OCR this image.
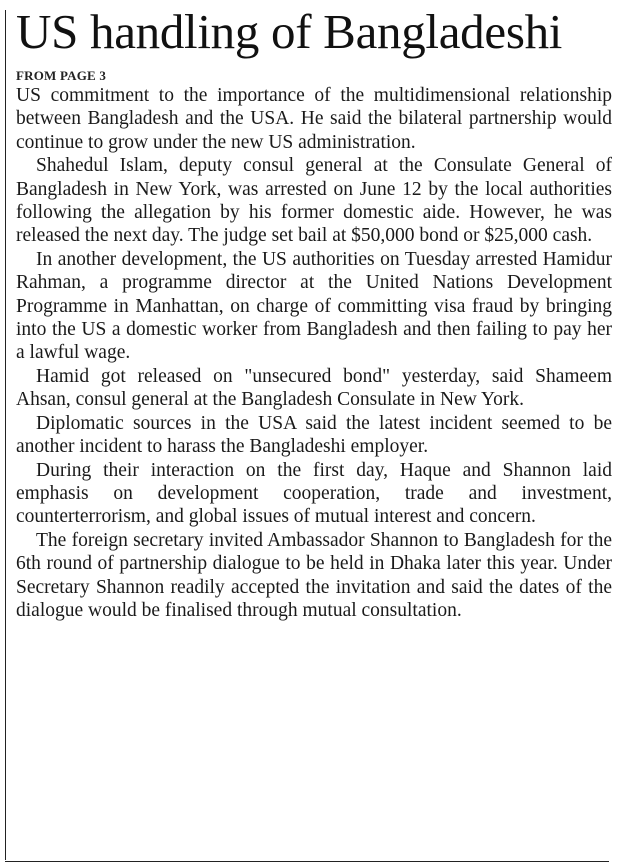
US handling of Bangladeshi
FROM PAGE 3

US commitment to the importance of the multidimensional relationship between Bangladesh and the USA. He said the bilateral partnership would continue to grow under the new US administration.

Shahedul Islam, deputy consul general at the Consulate General of Bangladesh in New York, was arrested on June 12 by the local authorities following the allegation by his former domestic aide. However, he was released the next day. The judge set bail at $50,000 bond or $25,000 cash.

In another development, the US authorities on Tuesday arrested Hamidur Rahman, a programme director at the United Nations Development Programme in Manhattan, on charge of committing visa fraud by bringing into the US a domestic worker from Bangladesh and then failing to pay her a lawful wage.

Hamid got released on "unsecured bond" yesterday, said Shameem Ahsan, consul general at the Bangladesh Consulate in New York.

Diplomatic sources in the USA said the latest incident seemed to be another incident to harass the Bangladeshi employer.

During their interaction on the first day, Haque and Shannon laid emphasis on development cooperation, trade and investment, counterterrorism, and global issues of mutual interest and concern.

The foreign secretary invited Ambassador Shannon to Bangladesh for the 6th round of partnership dialogue to be held in Dhaka later this year. Under Secretary Shannon readily accepted the invitation and said the dates of the dialogue would be finalised through mutual consultation.
